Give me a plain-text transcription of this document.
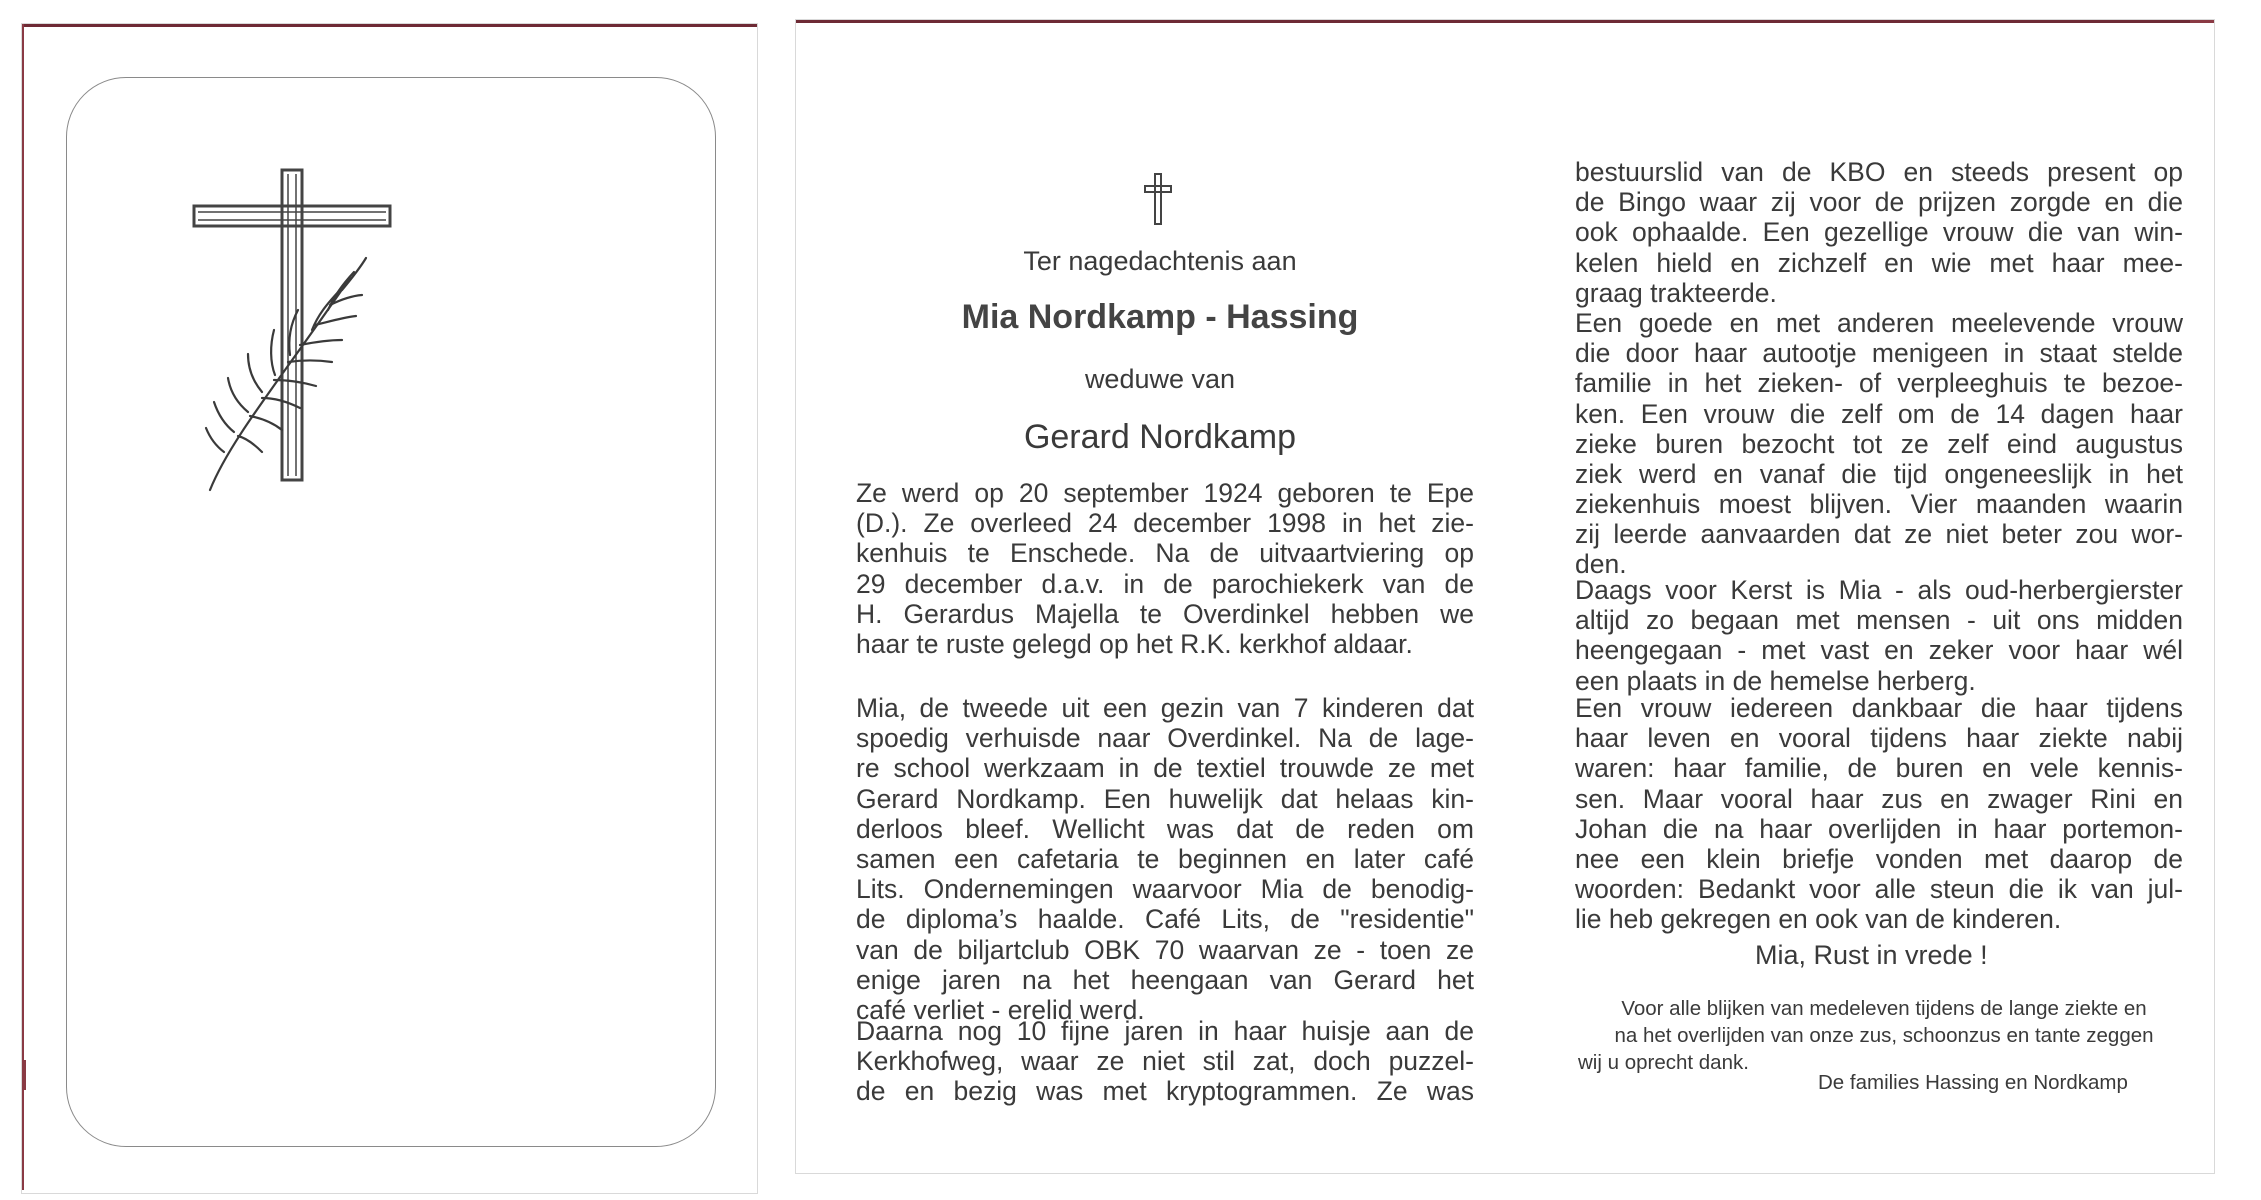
Ter nagedachtenis aan
Mia Nordkamp - Hassing
weduwe van
Gerard Nordkamp
Ze werd op 20 september 1924 geboren te Epe
(D.). Ze overleed 24 december 1998 in het zie-
kenhuis te Enschede. Na de uitvaartviering op
29 december d.a.v. in de parochiekerk van de
H. Gerardus Majella te Overdinkel hebben we
haar te ruste gelegd op het R.K. kerkhof aldaar.
Mia, de tweede uit een gezin van 7 kinderen dat
spoedig verhuisde naar Overdinkel. Na de lage-
re school werkzaam in de textiel trouwde ze met
Gerard Nordkamp. Een huwelijk dat helaas kin-
derloos bleef. Wellicht was dat de reden om
samen een cafetaria te beginnen en later café
Lits. Ondernemingen waarvoor Mia de benodig-
de diploma’s haalde. Café Lits, de "residentie"
van de biljartclub OBK 70 waarvan ze - toen ze
enige jaren na het heengaan van Gerard het
café verliet - erelid werd.
Daarna nog 10 fijne jaren in haar huisje aan de
Kerkhofweg, waar ze niet stil zat, doch puzzel-
de en bezig was met kryptogrammen. Ze was
bestuurslid van de KBO en steeds present op
de Bingo waar zij voor de prijzen zorgde en die
ook ophaalde. Een gezellige vrouw die van win-
kelen hield en zichzelf en wie met haar mee-
graag trakteerde.
Een goede en met anderen meelevende vrouw
die door haar autootje menigeen in staat stelde
familie in het zieken- of verpleeghuis te bezoe-
ken. Een vrouw die zelf om de 14 dagen haar
zieke buren bezocht tot ze zelf eind augustus
ziek werd en vanaf die tijd ongeneeslijk in het
ziekenhuis moest blijven. Vier maanden waarin
zij leerde aanvaarden dat ze niet beter zou wor-
den.
Daags voor Kerst is Mia - als oud-herbergierster
altijd zo begaan met mensen - uit ons midden
heengegaan - met vast en zeker voor haar wél
een plaats in de hemelse herberg.
Een vrouw iedereen dankbaar die haar tijdens
haar leven en vooral tijdens haar ziekte nabij
waren: haar familie, de buren en vele kennis-
sen. Maar vooral haar zus en zwager Rini en
Johan die na haar overlijden in haar portemon-
nee een klein briefje vonden met daarop de
woorden: Bedankt voor alle steun die ik van jul-
lie heb gekregen en ook van de kinderen.
Mia, Rust in vrede !
Voor alle blijken van medeleven tijdens de lange ziekte en
na het overlijden van onze zus, schoonzus en tante zeggen
wij u oprecht dank.
De families Hassing en Nordkamp
